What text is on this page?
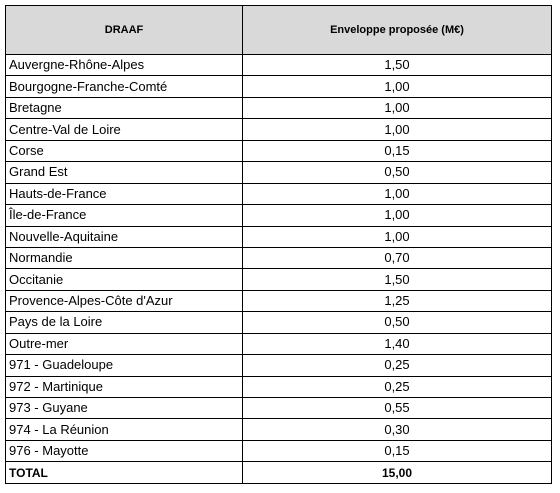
DRAAF	Enveloppe proposée (M€)
Auvergne-Rhône-Alpes	1,50
Bourgogne-Franche-Comté	1,00
Bretagne	1,00
Centre-Val de Loire	1,00
Corse	0,15
Grand Est	0,50
Hauts-de-France	1,00
Île-de-France	1,00
Nouvelle-Aquitaine	1,00
Normandie	0,70
Occitanie	1,50
Provence-Alpes-Côte d'Azur	1,25
Pays de la Loire	0,50
Outre-mer	1,40
971 - Guadeloupe	0,25
972 - Martinique	0,25
973 - Guyane	0,55
974 - La Réunion	0,30
976 - Mayotte	0,15
TOTAL	15,00
